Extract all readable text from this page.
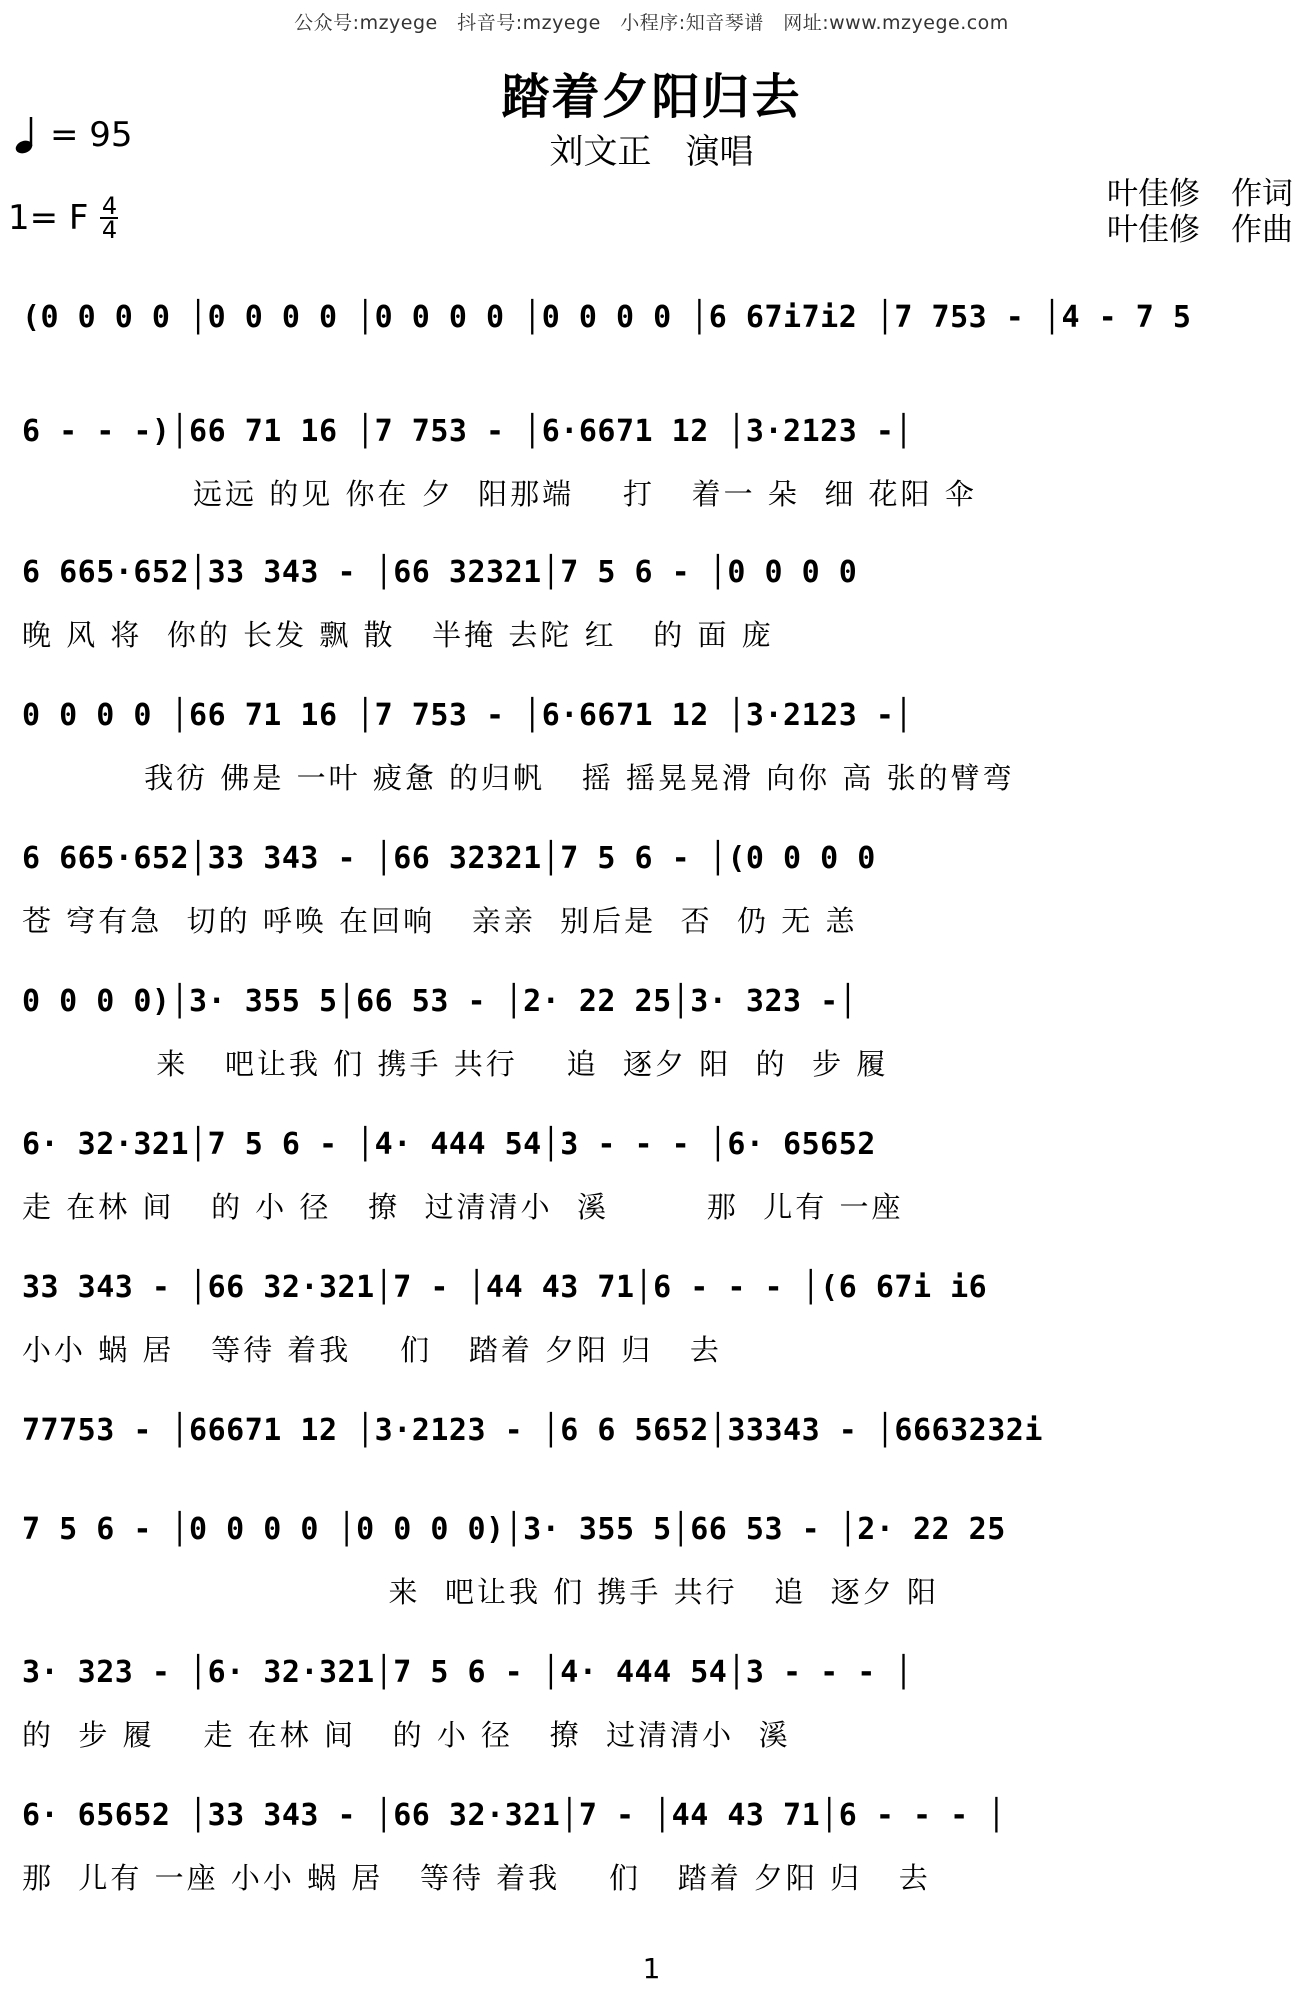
公众号:mzyege　抖音号:mzyege　小程序:知音琴谱　网址:www.mzyege.com
踏着夕阳归去
刘文正　演唱
= 95
1= F $\frac{4}{4}$
叶佳修　作词
叶佳修　作曲
(0 0 0 0 │0 0 0 0 │0 0 0 0 │0 0 0 0 │6 67i7i2 │7 753 - │4 - 7 5
6 - - -)│66 71 16 │7 753 - │6·6671 12 │3·2123 -│
远远 的见 你在 夕  阳那端    打   着一 朵  细 花阳 伞
6 665·652│33 343 - │66 32321│7 5 6 - │0 0 0 0
晚 风 将  你的 长发 飘 散   半掩 去陀 红   的 面 庞
0 0 0 0 │66 71 16 │7 753 - │6·6671 12 │3·2123 -│
我彷 佛是 一叶 疲惫 的归帆   摇 摇晃晃滑 向你 高 张的臂弯
6 665·652│33 343 - │66 32321│7 5 6 - │(0 0 0 0
苍 穹有急  切的 呼唤 在回响   亲亲  别后是  否  仍 无 恙
0 0 0 0)│3· 355 5│66 53 - │2· 22 25│3· 323 -│
来   吧让我 们 携手 共行    追  逐夕 阳  的  步 履
6· 32·321│7 5 6 - │4· 444 54│3 - - - │6· 65652
走 在林 间   的 小 径   撩  过清清小  溪        那  儿有 一座
33 343 - │66 32·321│7 - │44 43 71│6 - - - │(6 67i i6
小小 蜗 居   等待 着我    们   踏着 夕阳 归   去
77753 - │66671 12 │3·2123 - │6 6 5652│33343 - │6663232i
7 5 6 - │0 0 0 0 │0 0 0 0)│3· 355 5│66 53 - │2· 22 25
来  吧让我 们 携手 共行   追  逐夕 阳
3· 323 - │6· 32·321│7 5 6 - │4· 444 54│3 - - - │
的  步 履    走 在林 间   的 小 径   撩  过清清小  溪
6· 65652 │33 343 - │66 32·321│7 - │44 43 71│6 - - - │
那  儿有 一座 小小 蜗 居   等待 着我    们   踏着 夕阳 归   去
1
